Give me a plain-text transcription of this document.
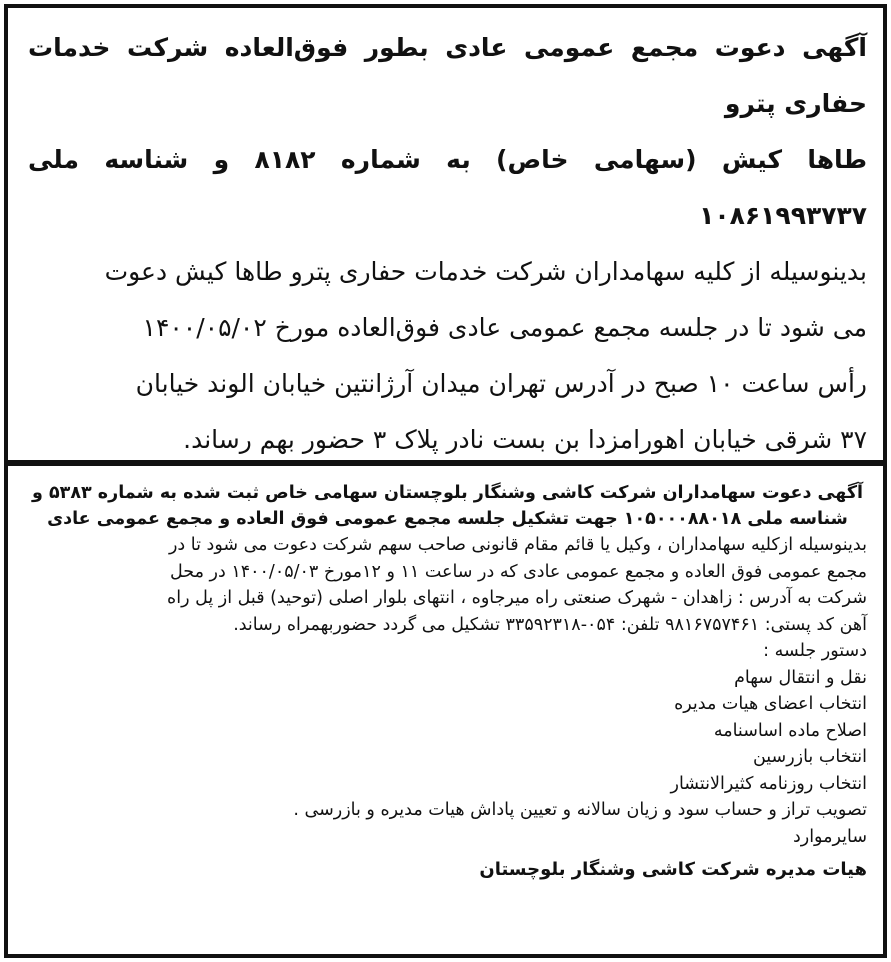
آگهی دعوت مجمع عمومی عادی بطور فوق‌العاده شرکت خدمات حفاری پترو
طاها کیش (سهامی خاص) به شماره ۸۱۸۲ و شناسه ملی ۱۰۸۶۱۹۹۳۷۳۷

بدینوسیله از کلیه سهامداران شرکت خدمات حفاری پترو طاها کیش دعوت
می شود تا در جلسه مجمع عمومی عادی فوق‌العاده مورخ ۱۴۰۰/۰۵/۰۲
رأس ساعت ۱۰ صبح در آدرس تهران میدان آرژانتین خیابان الوند خیابان
۳۷ شرقی خیابان اهورامزدا بن بست نادر پلاک ۳ حضور بهم رساند.

آگهی دعوت سهامداران شرکت کاشی وشنگار بلوچستان سهامی خاص ثبت شده به شماره ۵۳۸۳ و
شناسه ملی ۱۰۵۰۰۰۸۸۰۱۸ جهت تشکیل جلسه مجمع عمومی فوق العاده و مجمع عمومی عادی

بدینوسیله ازکلیه سهامداران ، وکیل یا قائم مقام قانونی صاحب سهم شرکت دعوت می شود تا در
مجمع عمومی فوق العاده و مجمع عمومی عادی که در ساعت ۱۱ و ۱۲مورخ ۱۴۰۰/۰۵/۰۳ در محل
شرکت به آدرس : زاهدان - شهرک صنعتی راه میرجاوه ، انتهای بلوار اصلی (توحید) قبل از پل راه
آهن کد پستی: ۹۸۱۶۷۵۷۴۶۱ تلفن: ۰۵۴-۳۳۵۹۲۳۱۸ تشکیل می گردد حضوربهمراه رساند.
دستور جلسه :

نقل و انتقال سهام
انتخاب اعضای هیات مدیره
اصلاح ماده اساسنامه
انتخاب بازرسین
انتخاب روزنامه کثیرالانتشار
تصویب تراز و حساب سود و زیان سالانه و تعیین پاداش هیات مدیره و بازرسی .
سایرموارد

هیات مدیره شرکت کاشی وشنگار بلوچستان
